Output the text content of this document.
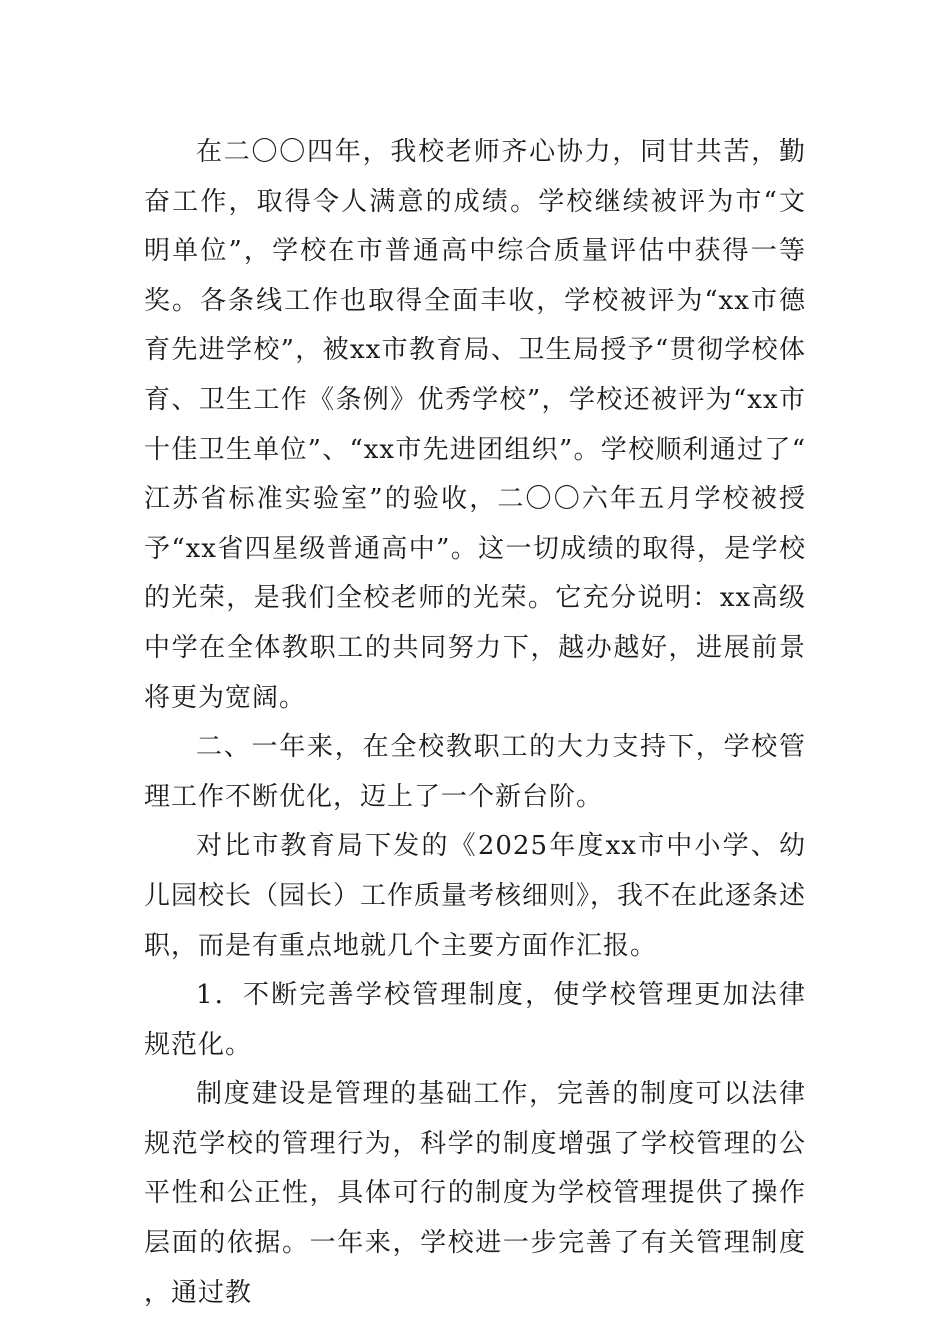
在二〇〇四年，我校老师齐心协力，同甘共苦，勤奋工作，取得令人满意的成绩。学校继续被评为市“文明单位”，学校在市普通高中综合质量评估中获得一等奖。各条线工作也取得全面丰收，学校被评为“xx市德育先进学校”，被xx市教育局、卫生局授予“贯彻学校体育、卫生工作《条例》优秀学校”，学校还被评为“xx市十佳卫生单位”、“xx市先进团组织”。学校顺利通过了“江苏省标准实验室”的验收，二〇〇六年五月学校被授予“xx省四星级普通高中”。这一切成绩的取得，是学校的光荣，是我们全校老师的光荣。它充分说明：xx高级中学在全体教职工的共同努力下，越办越好，进展前景将更为宽阔。

二、一年来，在全校教职工的大力支持下，学校管理工作不断优化，迈上了一个新台阶。

对比市教育局下发的《2025年度xx市中小学、幼儿园校长（园长）工作质量考核细则》，我不在此逐条述职，而是有重点地就几个主要方面作汇报。

1．不断完善学校管理制度，使学校管理更加法律规范化。

制度建设是管理的基础工作，完善的制度可以法律规范学校的管理行为，科学的制度增强了学校管理的公平性和公正性，具体可行的制度为学校管理提供了操作层面的依据。一年来，学校进一步完善了有关管理制度，通过教
